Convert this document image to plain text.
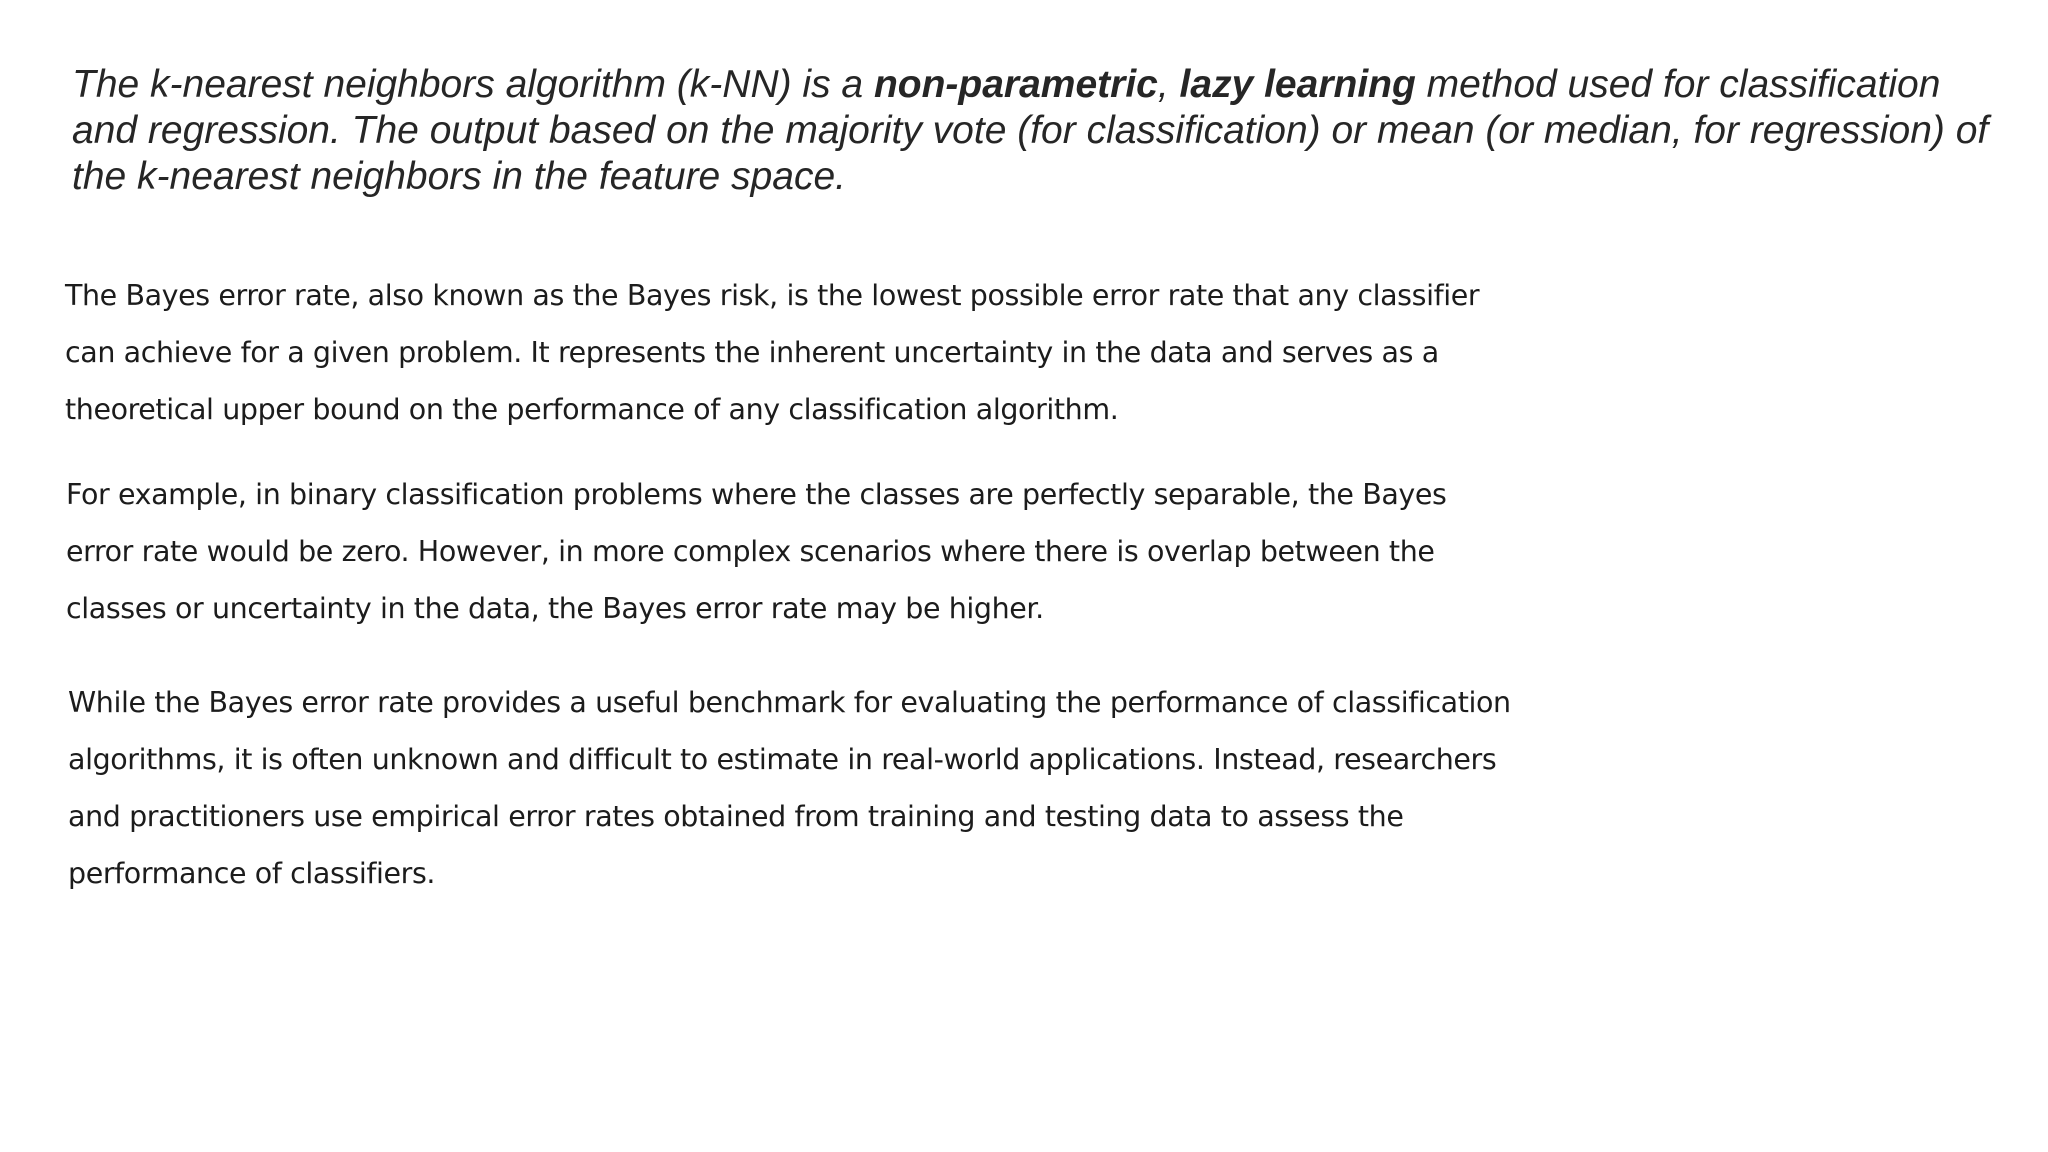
The k-nearest neighbors algorithm (k-NN) is a non-parametric, lazy learning method used for classification and regression. The output based on the majority vote (for classification) or mean (or median, for regression) of the k-nearest neighbors in the feature space.

The Bayes error rate, also known as the Bayes risk, is the lowest possible error rate that any classifier
can achieve for a given problem. It represents the inherent uncertainty in the data and serves as a
theoretical upper bound on the performance of any classification algorithm.

For example, in binary classification problems where the classes are perfectly separable, the Bayes
error rate would be zero. However, in more complex scenarios where there is overlap between the
classes or uncertainty in the data, the Bayes error rate may be higher.

While the Bayes error rate provides a useful benchmark for evaluating the performance of classification
algorithms, it is often unknown and difficult to estimate in real-world applications. Instead, researchers
and practitioners use empirical error rates obtained from training and testing data to assess the
performance of classifiers.
